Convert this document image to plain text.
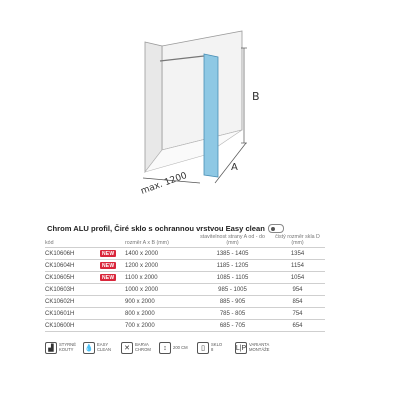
B
A
max. 1200
Chrom ALU profil, Čiré sklo s ochrannou vrstvou Easy clean
kód		rozměr A x B (mm)	stavitelnost strany A od - do (mm)	čistý rozměr skla D (mm)
CK10606H	NEW	1400 x 2000	1385 - 1405	1354
CK10604H	NEW	1200 x 2000	1185 - 1205	1154
CK10605H	NEW	1100 x 2000	1085 - 1105	1054
CK10603H		1000 x 2000	985 - 1005	954
CK10602H		900 x 2000	885 - 905	854
CK10601H		800 x 2000	785 - 805	754
CK10600H		700 x 2000	685 - 705	654
▟
STYRNÉ
KOUTY	💧
EASY
CLEAN	✕
BARVA
CHROM	↕	200 CM	▯
SKLO
8	L|P VARIANTA
MONTÁŽE
